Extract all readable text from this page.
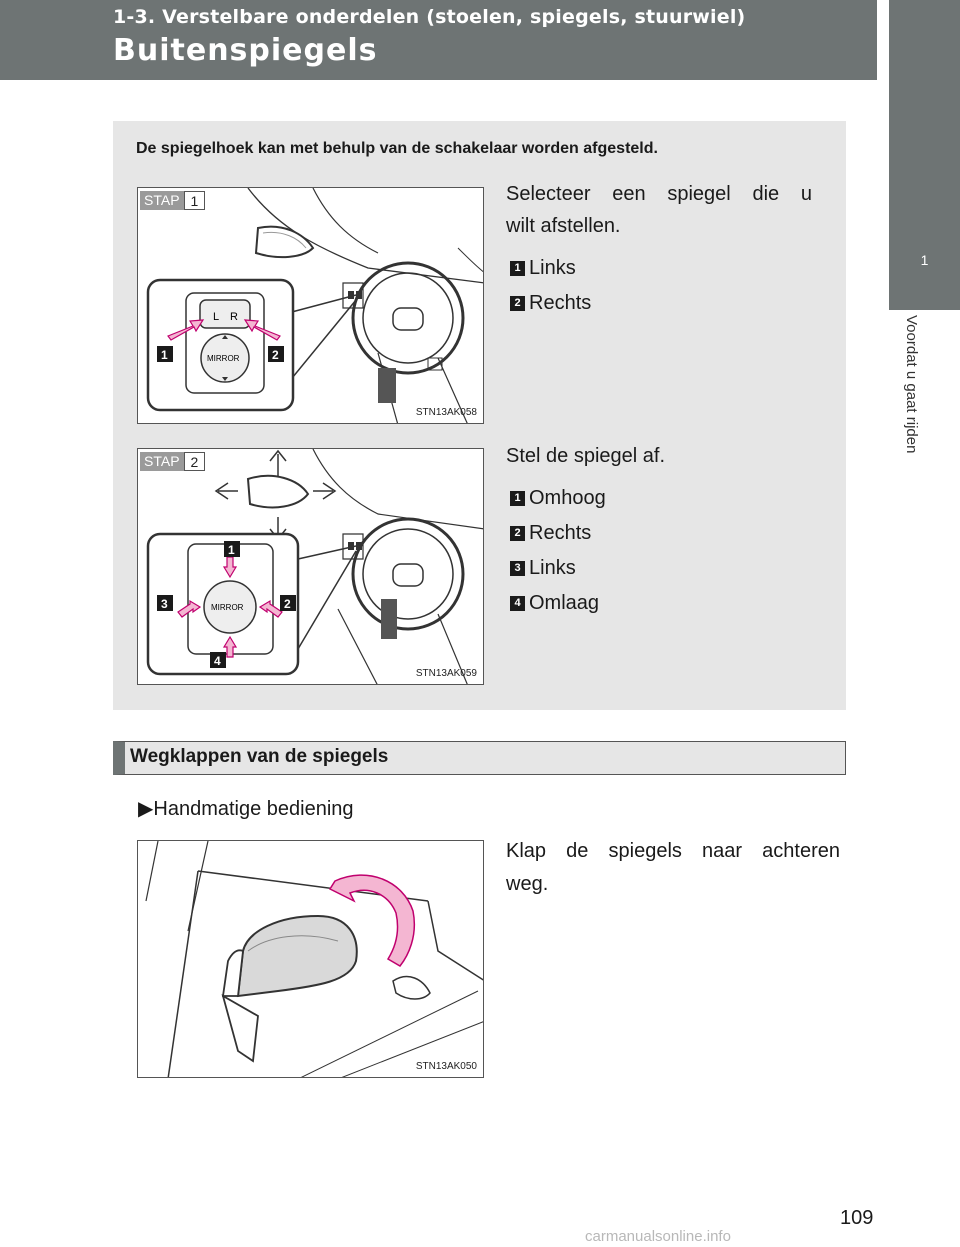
1-3. Verstelbare onderdelen (stoelen, spiegels, stuurwiel)
Buitenspiegels
1
Voordat u gaat rijden
De spiegelhoek kan met behulp van de schakelaar worden afgesteld.
L R
MIRROR
1	2
STAP 1
STN13AK058
Selecteer een spiegel die u
wilt afstellen.
1 Links
2 Rechts
MIRROR
1
2
3
4
STAP 2
STN13AK059
Stel de spiegel af.
1 Omhoog
2 Rechts
3 Links
4 Omlaag
Wegklappen van de spiegels
▶Handmatige bediening
STN13AK050
Klap de spiegels naar achteren
weg.
109
carmanualsonline.info
